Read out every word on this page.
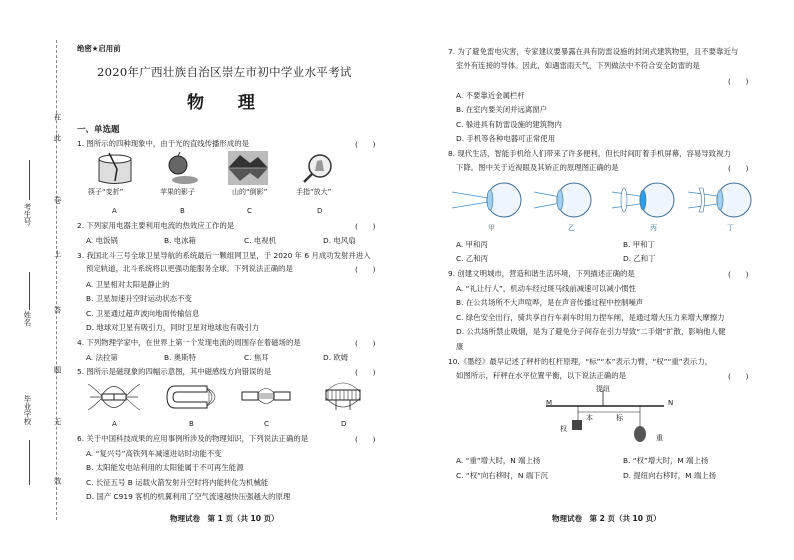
在
此
卷
上
答
题
无
效
考生号
姓名
毕业学校
绝密★启用前
2020年广西壮族自治区崇左市初中学业水平考试
物 理
一、单选题
1. 图所示的四种现象中，由于光的直线传播形成的是	(　　)
筷子“变折”	苹果的影子	山的“倒影”	手指“放大”
A	B	C	D
2. 下列家用电器主要利用电流的热效应工作的是	(　　)
A. 电饭锅	B. 电冰箱	C. 电视机	D. 电风扇
3. 我国北斗三号全球卫星导航的系统最后一颗组网卫星，于 2020 年 6 月成功发射并进入
预定轨道，北斗系统将以更强功能服务全球。下列说法正确的是	(　　)
A. 卫星相对太阳是静止的
B. 卫星加速升空时运动状态不变
C. 卫星通过超声波向地面传输信息
D. 地球对卫星有吸引力，同时卫星对地球也有吸引力
4. 下列物理学家中，在世界上第一个发现电流的周围存在着磁场的是	(　　)
A. 法拉第	B. 奥斯特	C. 焦耳	D. 欧姆
5. 图所示是磁现象的四幅示意图，其中磁感线方向错误的是	(　　)
A	B	C	D
6. 关于中国科技成果的应用事例所涉及的物理知识，下列说法正确的是	(　　)
A. “复兴号”高铁列车减速进站时动能不变
B. 太阳能发电站利用的太阳能属于不可再生能源
C. 长征五号 B 运载火箭发射升空时将内能转化为机械能
D. 国产 C919 客机的机翼利用了空气流速越快压强越大的原理
物理试卷　第 1 页（共 10 页）
7. 为了避免雷电灾害，专家建议要暴露在具有防雷设施的封闭式建筑物里，且不要靠近与
室外有连接的导体。因此，如遇雷雨天气，下列做法中不符合安全防雷的是
(　　)
A. 不要靠近金属栏杆
B. 在室内要关闭并远离窗户
C. 躲进具有防雷设施的建筑物内
D. 手机等各种电器可正常使用
8. 现代生活，智能手机给人们带来了许多便利，但长时间盯着手机屏幕，容易导致视力
下降。图中关于近视眼及其矫正的原理图正确的是	(　　)
甲	乙	丙	丁
A. 甲和丙	B. 甲和丁
C. 乙和丙	D. 乙和丁
9. 创建文明城市，营造和谐生活环境，下列描述正确的是	(　　)
A. “礼让行人”，机动车经过斑马线前减速可以减小惯性
B. 在公共场所不大声喧哗，是在声音传播过程中控制噪声
C. 绿色安全出行，骑共享自行车刹车时用力捏车闸，是通过增大压力来增大摩擦力
D. 公共场所禁止吸烟，是为了避免分子间存在引力导致“二手烟”扩散，影响他人健
康
10.《墨经》最早记述了秤杆的杠杆原理，“标”“本”表示力臂，“权”“重”表示力，
如图所示，秆秤在水平位置平衡，以下说法正确的是	(　　)
M	N
提纽
本	标
权
重
A. “重”增大时，N 端上扬	B. “权”增大时，M 端上扬
C. “权”向右移时，N 端下沉	D. 提纽向右移时，M 端上扬
物理试卷　第 2 页（共 10 页）
